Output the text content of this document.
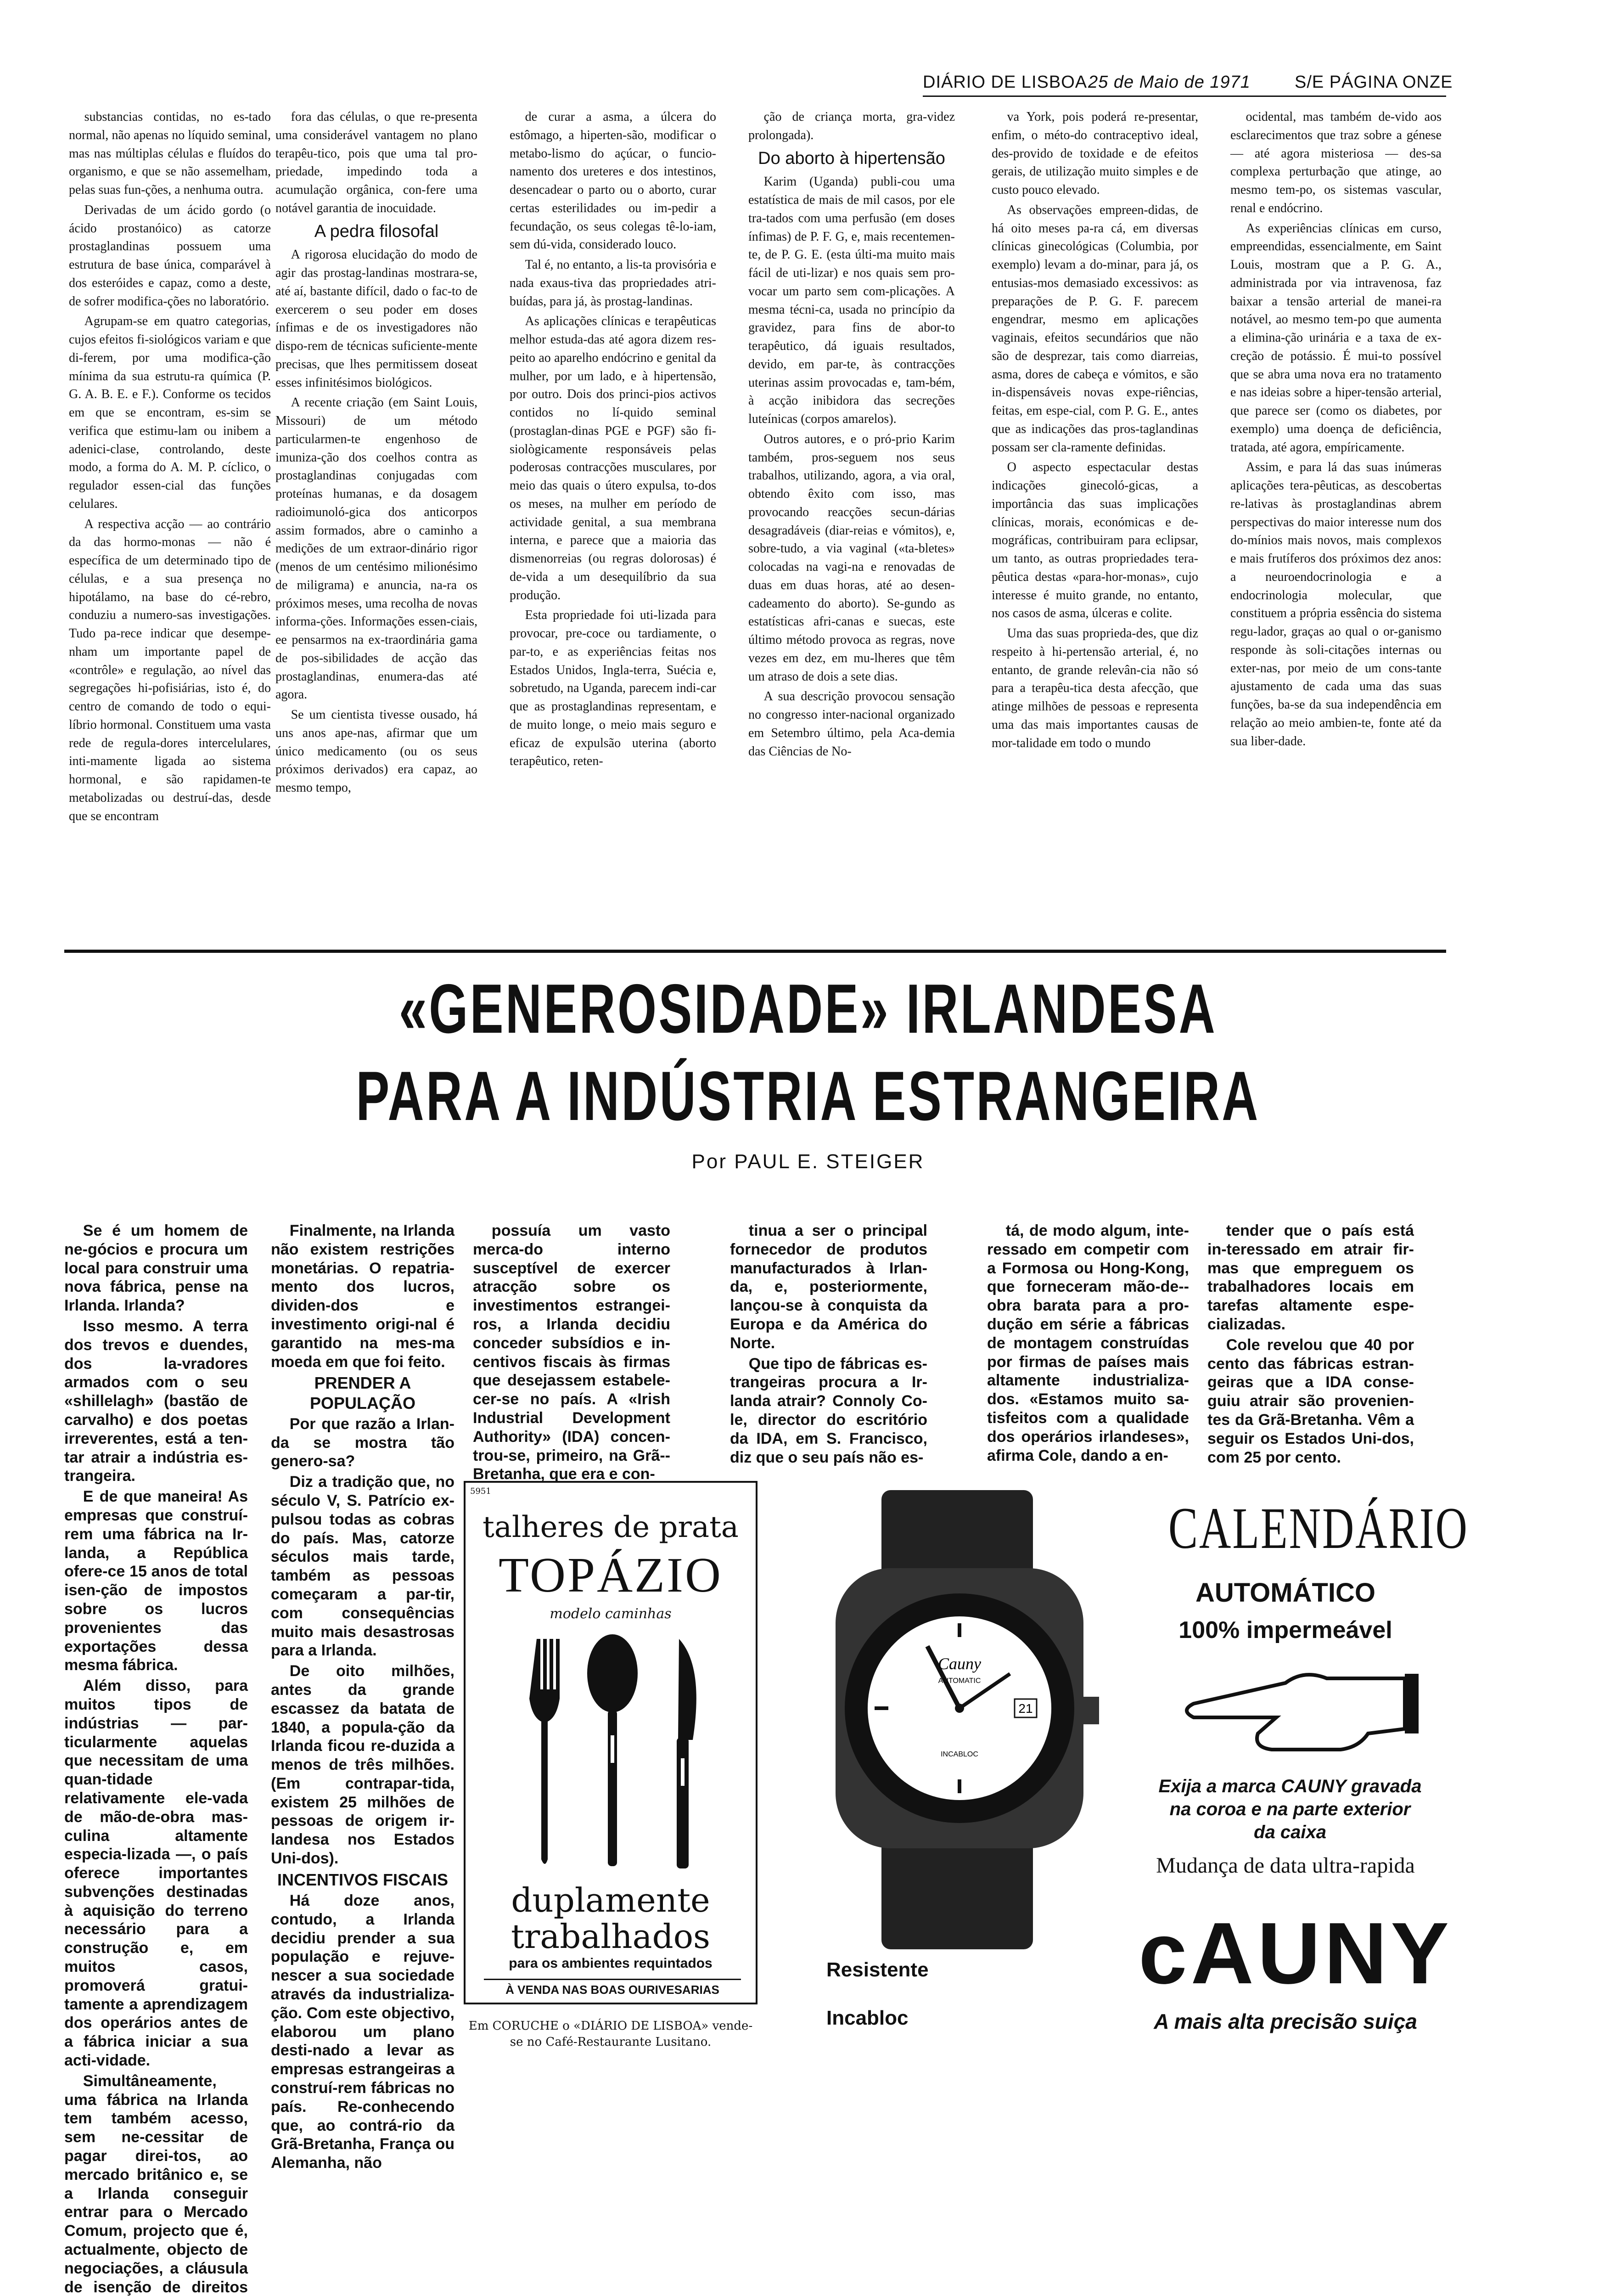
DIÁRIO DE LISBOA 25 de Maio de 1971	S/E PÁGINA ONZE

substancias contidas, no es-tado normal, não apenas no líquido seminal, mas nas múltiplas células e fluídos do organismo, e que se não assemelham, pelas suas fun-ções, a nenhuma outra.

Derivadas de um ácido gordo (o ácido prostanóico) as catorze prostaglandinas possuem uma estrutura de base única, comparável à dos esteróides e capaz, como a deste, de sofrer modifica-ções no laboratório.

Agrupam-se em quatro categorias, cujos efeitos fi-siológicos variam e que di-ferem, por uma modifica-ção mínima da sua estrutu-ra química (P. G. A. B. E. e F.). Conforme os tecidos em que se encontram, es-sim se verifica que estimu-lam ou inibem a adenici-clase, controlando, deste modo, a forma do A. M. P. cíclico, o regulador essen-cial das funções celulares.

A respectiva acção — ao contrário da das hormo-monas — não é específica de um determinado tipo de células, e a sua presença no hipotálamo, na base do cé-rebro, conduziu a numero-sas investigações. Tudo pa-rece indicar que desempe-nham um importante papel de «contrôle» e regulação, ao nível das segregações hi-pofisiárias, isto é, do centro de comando de todo o equi-líbrio hormonal. Constituem uma vasta rede de regula-dores intercelulares, inti-mamente ligada ao sistema hormonal, e são rapidamen-te metabolizadas ou destruí-das, desde que se encontram

fora das células, o que re-presenta uma considerável vantagem no plano terapêu-tico, pois que uma tal pro-priedade, impedindo toda a acumulação orgânica, con-fere uma notável garantia de inocuidade.

A pedra filosofal

A rigorosa elucidação do modo de agir das prostag-landinas mostrara-se, até aí, bastante difícil, dado o fac-to de exercerem o seu poder em doses ínfimas e de os investigadores não dispo-rem de técnicas suficiente-mente precisas, que lhes permitissem doseat esses infinitésimos biológicos.

A recente criação (em Saint Louis, Missouri) de um método particularmen-te engenhoso de imuniza-ção dos coelhos contra as prostaglandinas conjugadas com proteínas humanas, e da dosagem radioimunoló-gica dos anticorpos assim formados, abre o caminho a medições de um extraor-dinário rigor (menos de um centésimo milionésimo de miligrama) e anuncia, na-ra os próximos meses, uma recolha de novas informa-ções. Informações essen-ciais, ee pensarmos na ex-traordinária gama de pos-sibilidades de acção das prostaglandinas, enumera-das até agora.

Se um cientista tivesse ousado, há uns anos ape-nas, afirmar que um único medicamento (ou os seus próximos derivados) era capaz, ao mesmo tempo,

de curar a asma, a úlcera do estômago, a hiperten-são, modificar o metabo-lismo do açúcar, o funcio-namento dos ureteres e dos intestinos, desencadear o parto ou o aborto, curar certas esterilidades ou im-pedir a fecundação, os seus colegas tê-lo-iam, sem dú-vida, considerado louco.

Tal é, no entanto, a lis-ta provisória e nada exaus-tiva das propriedades atri-buídas, para já, às prostag-landinas.

As aplicações clínicas e terapêuticas melhor estuda-das até agora dizem res-peito ao aparelho endócrino e genital da mulher, por um lado, e à hipertensão, por outro. Dois dos princi-pios activos contidos no lí-quido seminal (prostaglan-dinas PGE e PGF) são fi-siològicamente responsáveis pelas poderosas contracções musculares, por meio das quais o útero expulsa, to-dos os meses, na mulher em período de actividade genital, a sua membrana interna, e parece que a maioria das dismenorreias (ou regras dolorosas) é de-vida a um desequilíbrio da sua produção.

Esta propriedade foi uti-lizada para provocar, pre-coce ou tardiamente, o par-to, e as experiências feitas nos Estados Unidos, Ingla-terra, Suécia e, sobretudo, na Uganda, parecem indi-car que as prostaglandinas representam, e de muito longe, o meio mais seguro e eficaz de expulsão uterina (aborto terapêutico, reten-

ção de criança morta, gra-videz prolongada).

Do aborto à hipertensão

Karim (Uganda) publi-cou uma estatística de mais de mil casos, por ele tra-tados com uma perfusão (em doses ínfimas) de P. F. G, e, mais recentemen-te, de P. G. E. (esta últi-ma muito mais fácil de uti-lizar) e nos quais sem pro-vocar um parto sem com-plicações. A mesma técni-ca, usada no princípio da gravidez, para fins de abor-to terapêutico, dá iguais resultados, devido, em par-te, às contracções uterinas assim provocadas e, tam-bém, à acção inibidora das secreções luteínicas (corpos amarelos).

Outros autores, e o pró-prio Karim também, pros-seguem nos seus trabalhos, utilizando, agora, a via oral, obtendo êxito com isso, mas provocando reacções secun-dárias desagradáveis (diar-reias e vómitos), e, sobre-tudo, a via vaginal («ta-bletes» colocadas na vagi-na e renovadas de duas em duas horas, até ao desen-cadeamento do aborto). Se-gundo as estatísticas afri-canas e suecas, este último método provoca as regras, nove vezes em dez, em mu-lheres que têm um atraso de dois a sete dias.

A sua descrição provocou sensação no congresso inter-nacional organizado em Setembro último, pela Aca-demia das Ciências de No-

va York, pois poderá re-presentar, enfim, o méto-do contraceptivo ideal, des-provido de toxidade e de efeitos gerais, de utilização muito simples e de custo pouco elevado.

As observações empreen-didas, de há oito meses pa-ra cá, em diversas clínicas ginecológicas (Columbia, por exemplo) levam a do-minar, para já, os entusias-mos demasiado excessivos: as preparações de P. G. F. parecem engendrar, mesmo em aplicações vaginais, efeitos secundários que não são de desprezar, tais como diarreias, asma, dores de cabeça e vómitos, e são in-dispensáveis novas expe-riências, feitas, em espe-cial, com P. G. E., antes que as indicações das pros-taglandinas possam ser cla-ramente definidas.

O aspecto espectacular destas indicações ginecoló-gicas, a importância das suas implicações clínicas, morais, económicas e de-mográficas, contribuiram para eclipsar, um tanto, as outras propriedades tera-pêutica destas «para-hor-monas», cujo interesse é muito grande, no entanto, nos casos de asma, úlceras e colite.

Uma das suas proprieda-des, que diz respeito à hi-pertensão arterial, é, no entanto, de grande relevân-cia não só para a terapêu-tica desta afecção, que atinge milhões de pessoas e representa uma das mais importantes causas de mor-talidade em todo o mundo

ocidental, mas também de-vido aos esclarecimentos que traz sobre a génese — até agora misteriosa — des-sa complexa perturbação que atinge, ao mesmo tem-po, os sistemas vascular, renal e endócrino.

As experiências clínicas em curso, empreendidas, essencialmente, em Saint Louis, mostram que a P. G. A., administrada por via intravenosa, faz baixar a tensão arterial de manei-ra notável, ao mesmo tem-po que aumenta a elimina-ção urinária e a taxa de ex-creção de potássio. É mui-to possível que se abra uma nova era no tratamento e nas ideias sobre a hiper-tensão arterial, que parece ser (como os diabetes, por exemplo) uma doença de deficiência, tratada, até agora, empíricamente.

Assim, e para lá das suas inúmeras aplicações tera-pêuticas, as descobertas re-lativas às prostaglandinas abrem perspectivas do maior interesse num dos do-mínios mais novos, mais complexos e mais frutíferos dos próximos dez anos: a neuroendocrinologia e a endocrinologia molecular, que constituem a própria essência do sistema regu-lador, graças ao qual o or-ganismo responde às soli-citações internas ou exter-nas, por meio de um cons-tante ajustamento de cada uma das suas funções, ba-se da sua independência em relação ao meio ambien-te, fonte até da sua liber-dade.

«GENEROSIDADE» IRLANDESA
PARA A INDÚSTRIA ESTRANGEIRA
Por PAUL E. STEIGER

Se é um homem de ne-gócios e procura um local para construir uma nova fábrica, pense na Irlanda. Irlanda?

Isso mesmo. A terra dos trevos e duendes, dos la-vradores armados com o seu «shillelagh» (bastão de carvalho) e dos poetas irreverentes, está a ten-tar atrair a indústria es-trangeira.

E de que maneira! As empresas que construí-rem uma fábrica na Ir-landa, a República ofere-ce 15 anos de total isen-ção de impostos sobre os lucros provenientes das exportações dessa mesma fábrica.

Além disso, para muitos tipos de indústrias — par-ticularmente aquelas que necessitam de uma quan-tidade relativamente ele-vada de mão-de-obra mas-culina altamente especia-lizada —, o país oferece importantes subvenções destinadas à aquisição do terreno necessário para a construção e, em muitos casos, promoverá gratui-tamente a aprendizagem dos operários antes de a fábrica iniciar a sua acti-vidade.

Simultâneamente, uma fábrica na Irlanda tem também acesso, sem ne-cessitar de pagar direi-tos, ao mercado britânico e, se a Irlanda conseguir entrar para o Mercado Comum, projecto que é, actualmente, objecto de negociações, a cláusula de isenção de direitos

Finalmente, na Irlanda não existem restrições monetárias. O repatria-mento dos lucros, dividen-dos e investimento origi-nal é garantido na mes-ma moeda em que foi feito.

PRENDER A POPULAÇÃO

Por que razão a Irlan-da se mostra tão genero-sa?

Diz a tradição que, no século V, S. Patrício ex-pulsou todas as cobras do país. Mas, catorze séculos mais tarde, também as pessoas começaram a par-tir, com consequências muito mais desastrosas para a Irlanda.

De oito milhões, antes da grande escassez da batata de 1840, a popula-ção da Irlanda ficou re-duzida a menos de três milhões. (Em contrapar-tida, existem 25 milhões de pessoas de origem ir-landesa nos Estados Uni-dos).

INCENTIVOS FISCAIS

Há doze anos, contudo, a Irlanda decidiu prender a sua população e rejuve-nescer a sua sociedade através da industrializa-ção. Com este objectivo, elaborou um plano desti-nado a levar as empresas estrangeiras a construí-rem fábricas no país. Re-conhecendo que, ao contrá-rio da Grã-Bretanha, França ou Alemanha, não

possuía um vasto merca-do interno susceptível de exercer atracção sobre os investimentos estrangei-ros, a Irlanda decidiu conceder subsídios e in-centivos fiscais às firmas que desejassem estabele-cer-se no país. A «Irish Industrial Development Authority» (IDA) concen-trou-se, primeiro, na Grã--Bretanha, que era e con-

tinua a ser o principal fornecedor de produtos manufacturados à Irlan-da, e, posteriormente, lançou-se à conquista da Europa e da América do Norte.

Que tipo de fábricas es-trangeiras procura a Ir-landa atrair? Connoly Co-le, director do escritório da IDA, em S. Francisco, diz que o seu país não es-

tá, de modo algum, inte-ressado em competir com a Formosa ou Hong-Kong, que forneceram mão-de--obra barata para a pro-dução em série a fábricas de montagem construídas por firmas de países mais altamente industrializa-dos. «Estamos muito sa-tisfeitos com a qualidade dos operários irlandeses», afirma Cole, dando a en-

tender que o país está in-teressado em atrair fir-mas que empreguem os trabalhadores locais em tarefas altamente espe-cializadas.

Cole revelou que 40 por cento das fábricas estran-geiras que a IDA conse-guiu atrair são provenien-tes da Grã-Bretanha. Vêm a seguir os Estados Uni-dos, com 25 por cento.

5951
talheres de prata
TOPÁZIO
modelo caminhas
duplamente trabalhados
para os ambientes requintados
À VENDA NAS BOAS OURIVESARIAS
Em CORUCHE o «DIÁRIO DE LISBOA» vende-se no Café-Restaurante Lusitano.
21
Cauny
AUTOMATIC
INCABLOC
CALENDÁRIO
AUTOMÁTICO
100% impermeável
Exija a marca CAUNY gravada na coroa e na parte exterior da caixa
Mudança de data ultra-rapida
cAUNY
A mais alta precisão suiça
Resistente
Incabloc
